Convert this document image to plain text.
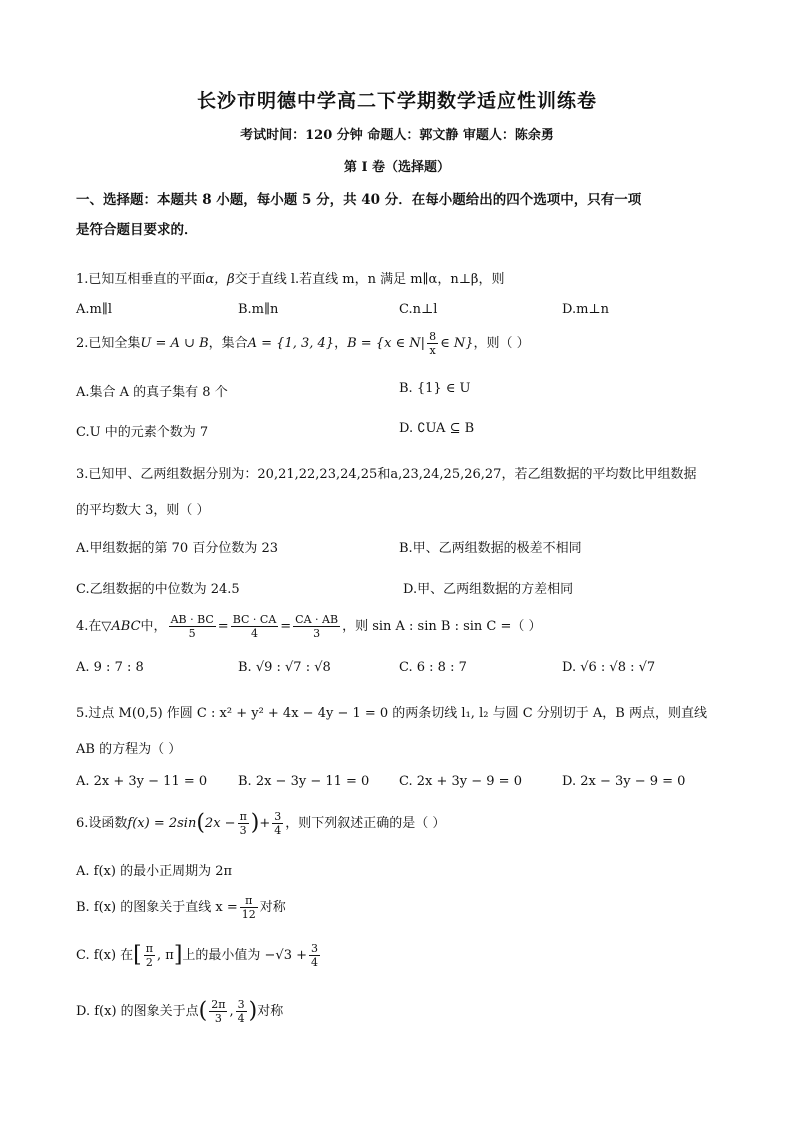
长沙市明德中学高二下学期数学适应性训练卷
考试时间：120 分钟 命题人：郭文静 审题人：陈余勇
第 I 卷（选择题）
一、选择题：本题共 8 小题，每小题 5 分，共 40 分．在每小题给出的四个选项中，只有一项
是符合题目要求的．
1.已知互相垂直的平面α，β交于直线 l.若直线 m，n 满足 m∥α，n⊥β，则
A.m∥l	B.m∥n	C.n⊥l	D.m⊥n
2.已知全集U = A ∪ B，集合A = {1, 3, 4}，B = {x ∈ $N| \frac{8}{x}$ ∈ N}，则（ ）
A.集合 A 的真子集有 8 个	B. {1} ∈ U
C.U 中的元素个数为 7	D. ∁UA ⊆ B
3.已知甲、乙两组数据分别为：20,21,22,23,24,25和a,23,24,25,26,27，若乙组数据的平均数比甲组数据
的平均数大 3，则（ ）
A.甲组数据的第 70 百分位数为 23	B.甲、乙两组数据的极差不相同
C.乙组数据的中位数为 24.5	D.甲、乙两组数据的方差相同
4.在▽ABC中， $\frac{AB \cdot BC}{5} = \frac{BC \cdot CA}{4} = \frac{CA \cdot AB}{3}$ ，则 sin A : sin B : sin C =（ ）
A. 9 : 7 : 8	B. √9 : √7 : √8	C. 6 : 8 : 7	D. √6 : √8 : √7
5.过点 M(0,5) 作圆 C : x² + y² + 4x − 4y − 1 = 0 的两条切线 l₁, l₂ 与圆 C 分别切于 A，B 两点，则直线
AB 的方程为（ ）
A. 2x + 3y − 11 = 0 B. 2x − 3y − 11 = 0 C. 2x + 3y − 9 = 0	D. 2x − 3y − 9 = 0
6.设函数$f(x) = 2\sin(2x - \frac{\pi}{3}$ )+ $\frac{3}{4}$ ，则下列叙述正确的是（ ）
A. f(x) 的最小正周期为 2π
B. f(x) 的图象关于直线 $x = \frac{\pi}{12}$ 对称
C. f(x) 在[ $\frac{\pi}{2}$ , π]上的最小值为 $-√3 + \frac{3}{4}$
D. f(x) 的图象关于点( $\frac{2\pi}{3}$ , $\frac{3}{4}$ )对称
